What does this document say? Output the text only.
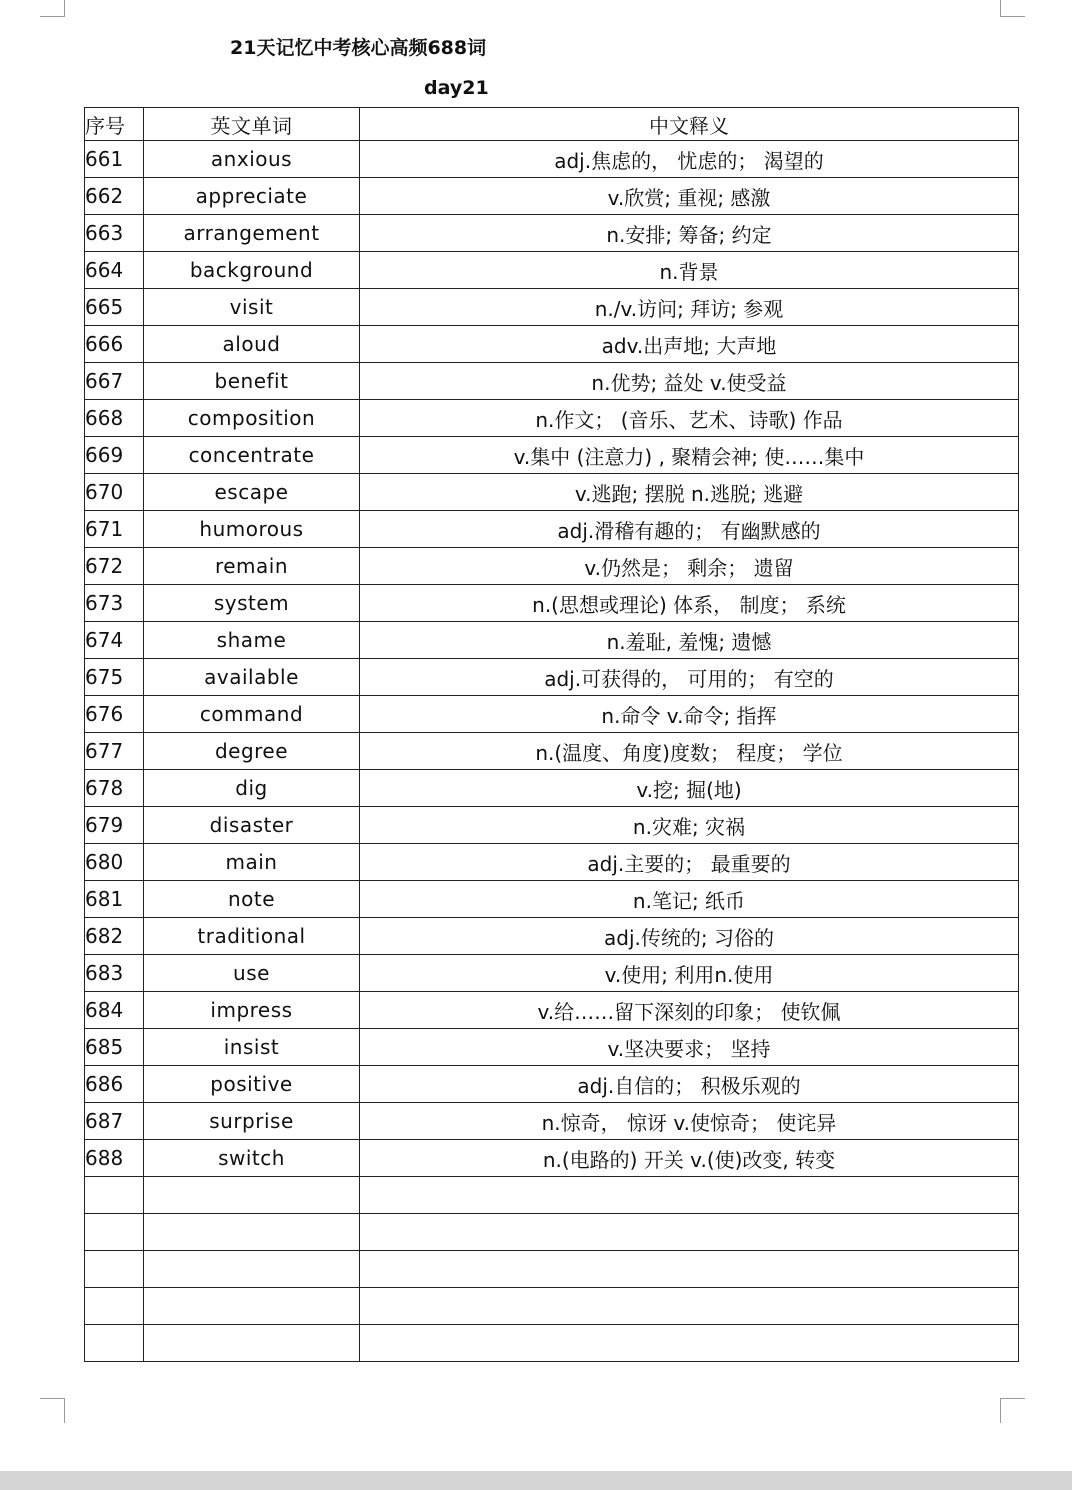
21天记忆中考核心高频688词
day21
序号	英文单词	中文释义
661	anxious	adj.焦虑的， 忧虑的； 渴望的
662	appreciate	v.欣赏; 重视; 感激
663	arrangement	n.安排; 筹备; 约定
664	background	n.背景
665	visit	n./v.访问; 拜访; 参观
666	aloud	adv.出声地; 大声地
667	benefit	n.优势; 益处 v.使受益
668	composition	n.作文； (音乐、艺术、诗歌) 作品
669	concentrate	v.集中 (注意力) , 聚精会神; 使……集中
670	escape	v.逃跑; 摆脱 n.逃脱; 逃避
671	humorous	adj.滑稽有趣的； 有幽默感的
672	remain	v.仍然是； 剩余； 遗留
673	system	n.(思想或理论) 体系， 制度； 系统
674	shame	n.羞耻, 羞愧; 遗憾
675	available	adj.可获得的， 可用的； 有空的
676	command	n.命令 v.命令; 指挥
677	degree	n.(温度、角度)度数； 程度； 学位
678	dig	v.挖; 掘(地)
679	disaster	n.灾难; 灾祸
680	main	adj.主要的； 最重要的
681	note	n.笔记; 纸币
682	traditional	adj.传统的; 习俗的
683	use	v.使用; 利用n.使用
684	impress	v.给……留下深刻的印象； 使钦佩
685	insist	v.坚决要求； 坚持
686	positive	adj.自信的； 积极乐观的
687	surprise	n.惊奇， 惊讶 v.使惊奇； 使诧异
688	switch	n.(电路的) 开关 v.(使)改变, 转变
